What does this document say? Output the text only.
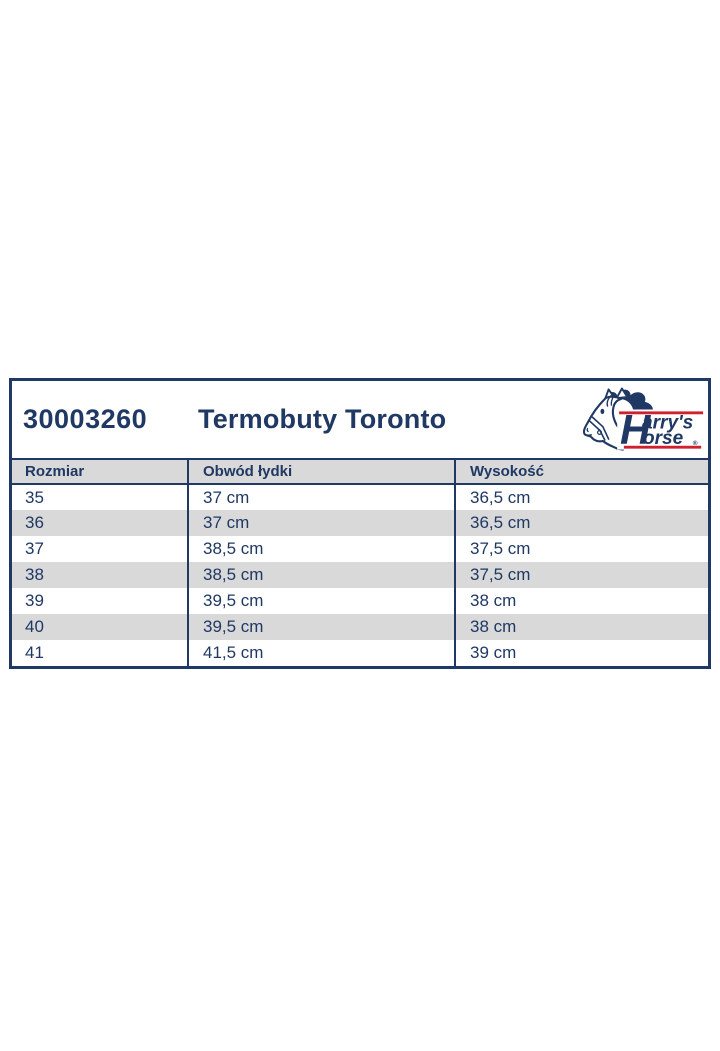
30003260	Termobuty Toronto	H
arry's
orse ®
Rozmiar	Obwód łydki	Wysokość
35	37 cm	36,5 cm
36	37 cm	36,5 cm
37	38,5 cm	37,5 cm
38	38,5 cm	37,5 cm
39	39,5 cm	38 cm
40	39,5 cm	38 cm
41	41,5 cm	39 cm
